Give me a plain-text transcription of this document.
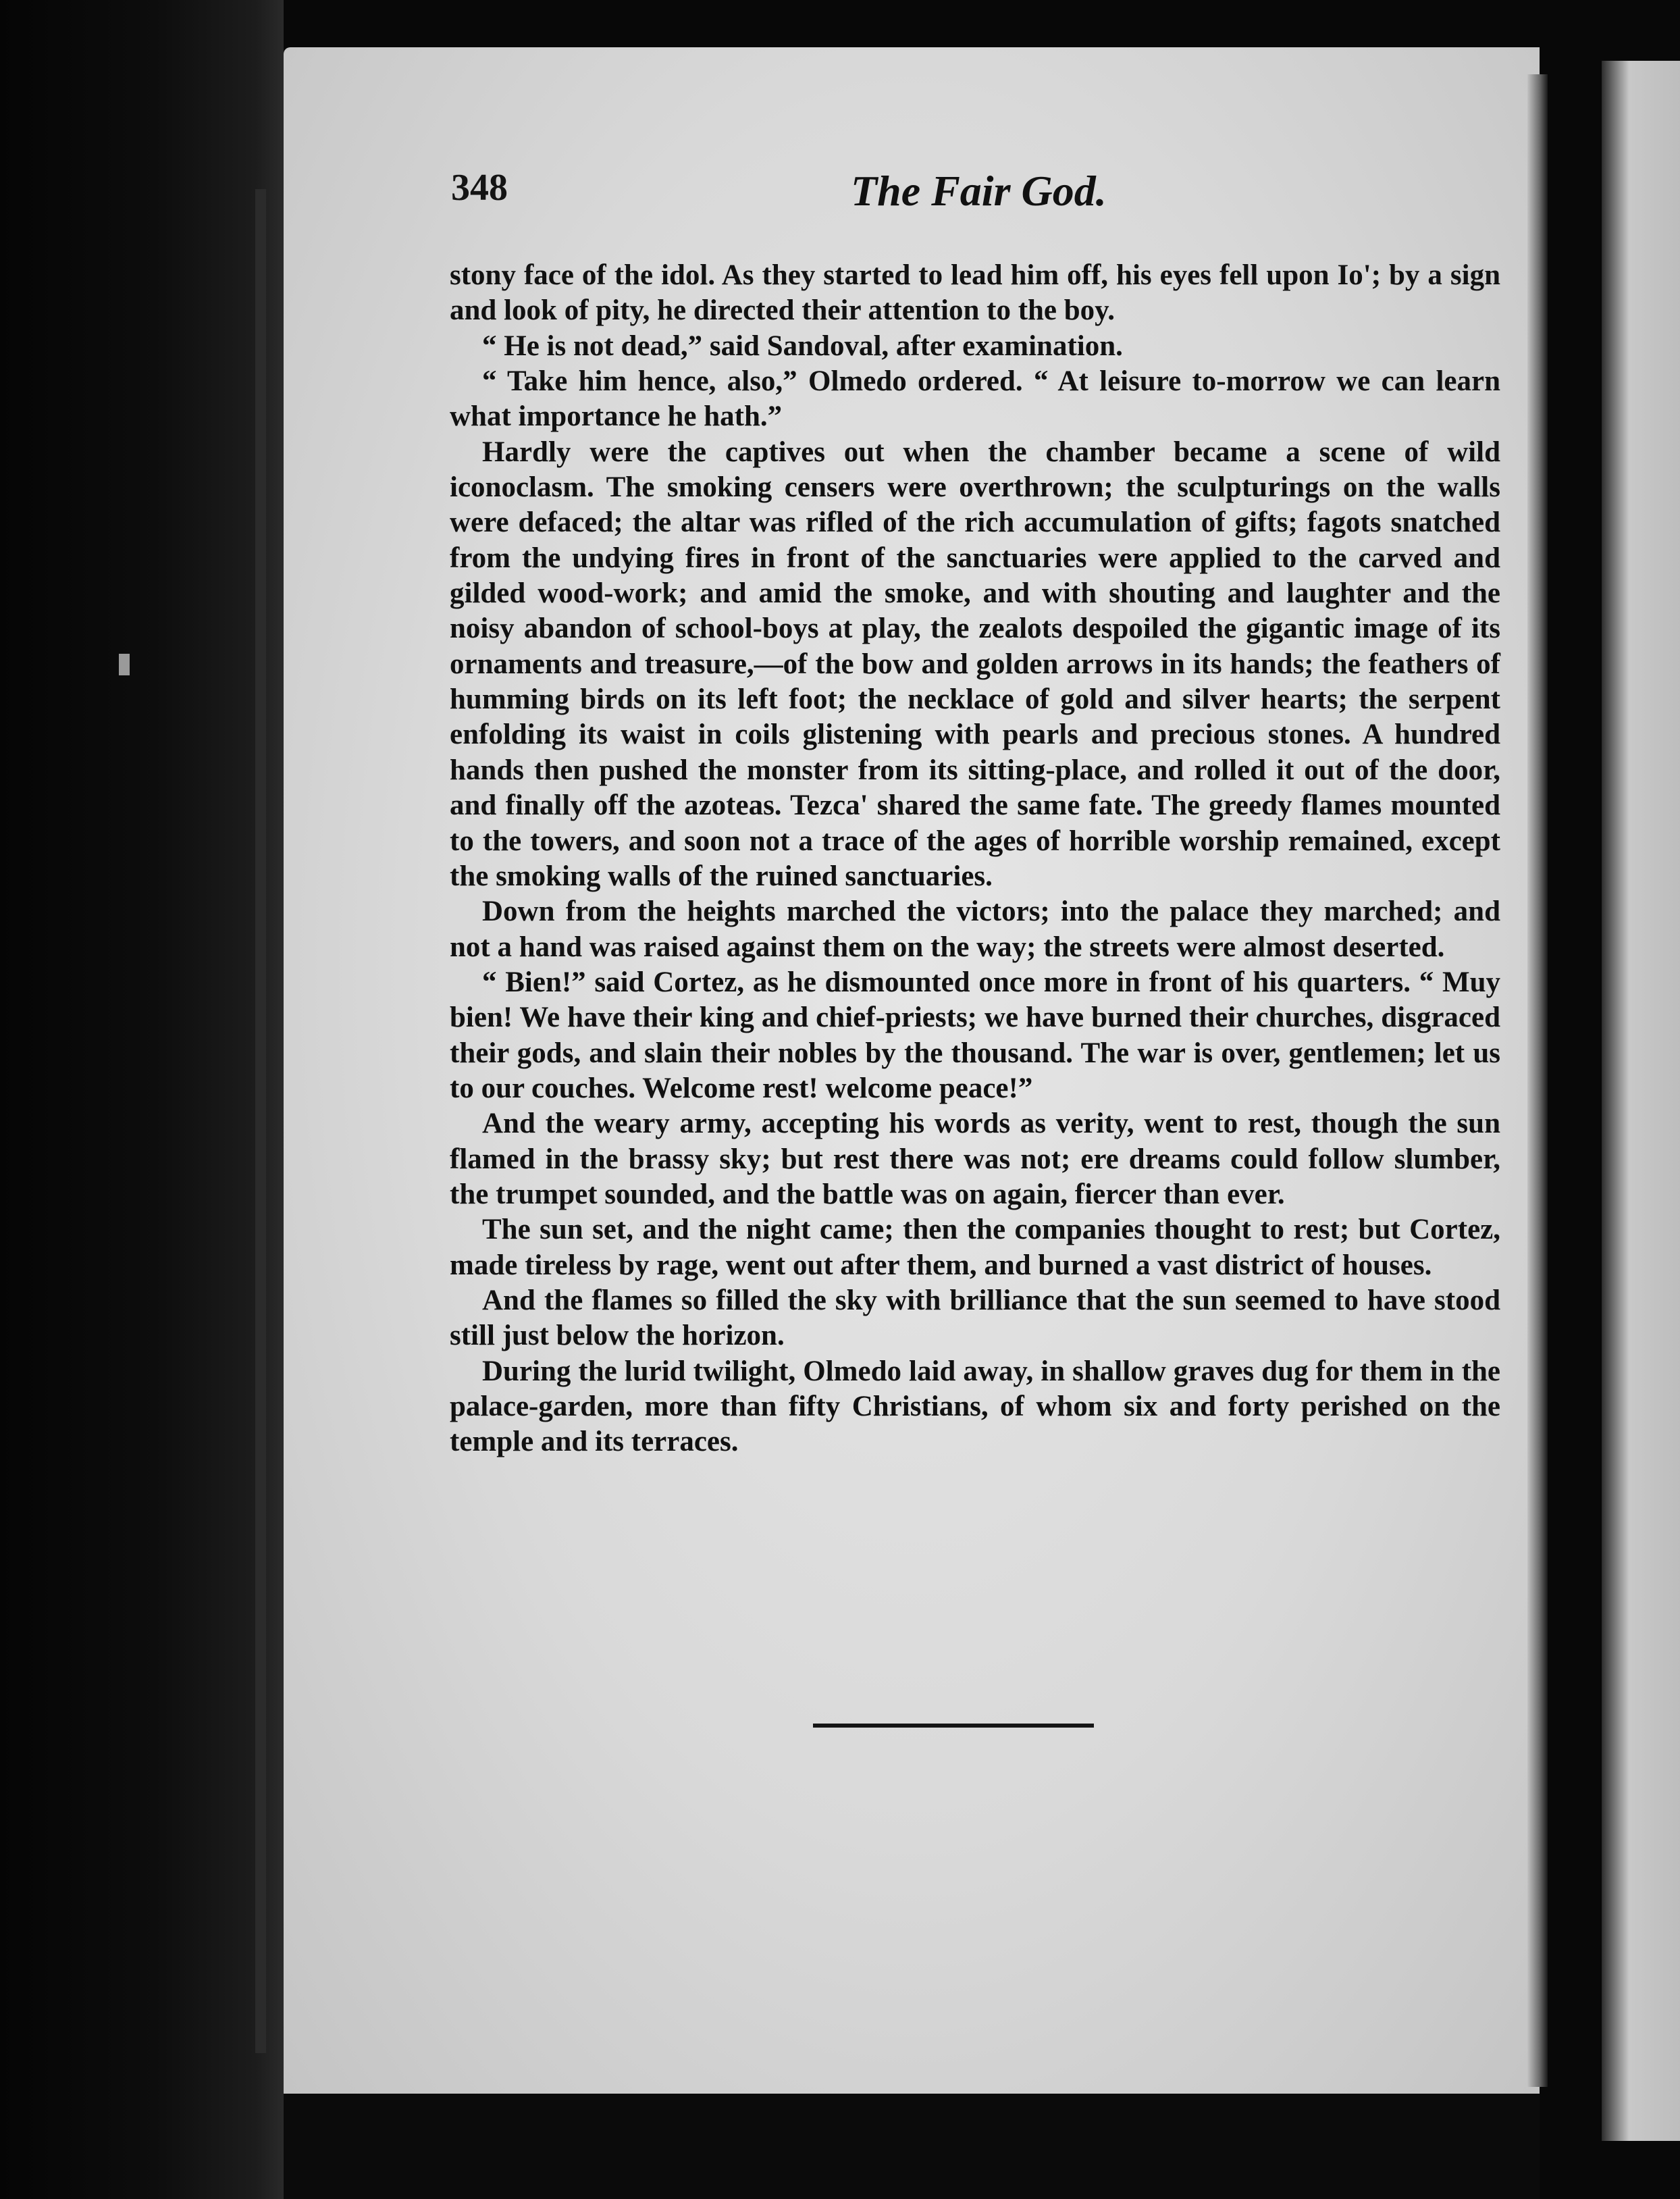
348	The Fair God.

stony face of the idol. As they started to lead him off, his eyes fell upon Io'; by a sign and look of pity, he directed their attention to the boy.

“ He is not dead,” said Sandoval, after examination.

“ Take him hence, also,” Olmedo ordered. “ At leisure to-morrow we can learn what importance he hath.”

Hardly were the captives out when the chamber became a scene of wild iconoclasm. The smoking censers were overthrown; the sculpturings on the walls were defaced; the altar was rifled of the rich accumulation of gifts; fagots snatched from the undying fires in front of the sanctuaries were applied to the carved and gilded wood-work; and amid the smoke, and with shouting and laughter and the noisy abandon of school-boys at play, the zealots despoiled the gigantic image of its ornaments and treasure,—of the bow and golden arrows in its hands; the feathers of humming birds on its left foot; the necklace of gold and silver hearts; the serpent enfolding its waist in coils glistening with pearls and precious stones. A hundred hands then pushed the monster from its sitting-place, and rolled it out of the door, and finally off the azoteas. Tezca' shared the same fate. The greedy flames mounted to the towers, and soon not a trace of the ages of horrible worship remained, except the smoking walls of the ruined sanctuaries.

Down from the heights marched the victors; into the palace they marched; and not a hand was raised against them on the way; the streets were almost deserted.

“ Bien!” said Cortez, as he dismounted once more in front of his quarters. “ Muy bien! We have their king and chief-priests; we have burned their churches, disgraced their gods, and slain their nobles by the thousand. The war is over, gentlemen; let us to our couches. Welcome rest! welcome peace!”

And the weary army, accepting his words as verity, went to rest, though the sun flamed in the brassy sky; but rest there was not; ere dreams could follow slumber, the trumpet sounded, and the battle was on again, fiercer than ever.

The sun set, and the night came; then the companies thought to rest; but Cortez, made tireless by rage, went out after them, and burned a vast district of houses.

And the flames so filled the sky with brilliance that the sun seemed to have stood still just below the horizon.

During the lurid twilight, Olmedo laid away, in shallow graves dug for them in the palace-garden, more than fifty Christians, of whom six and forty perished on the temple and its terraces.
